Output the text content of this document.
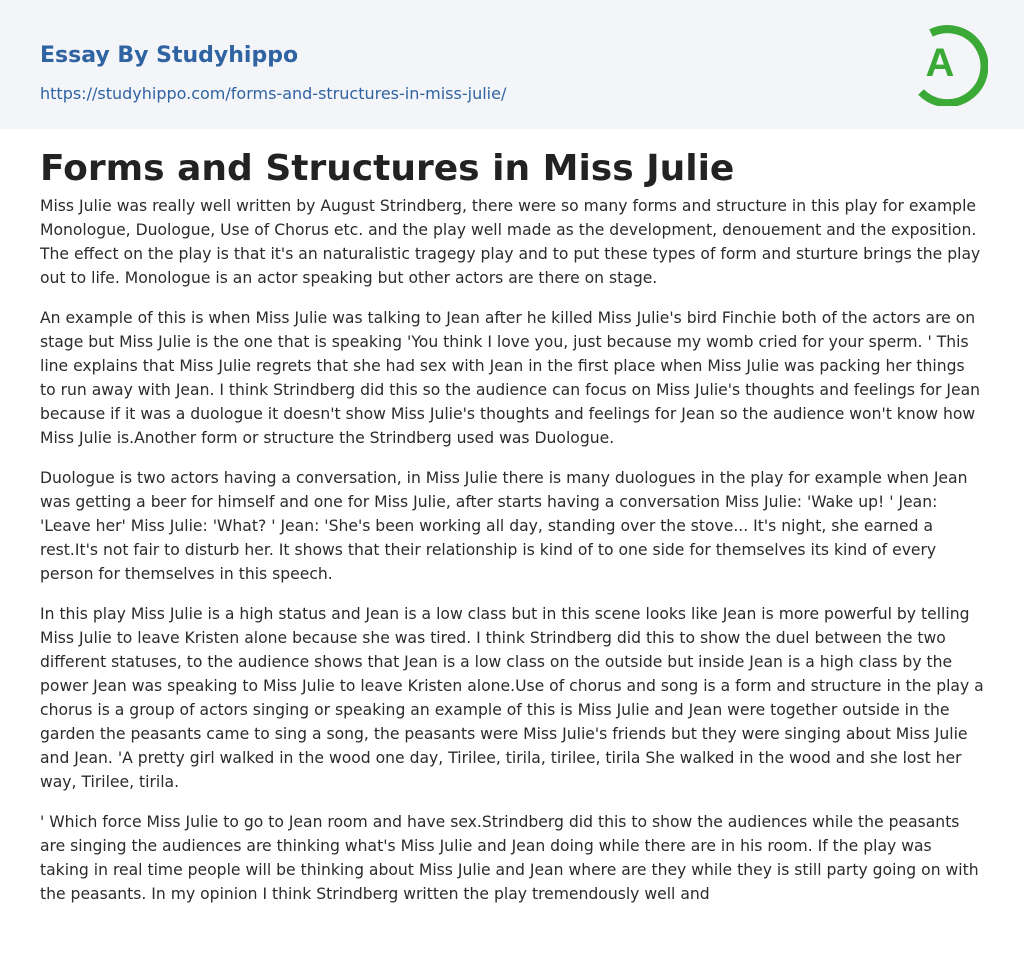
Essay By Studyhippo
https://studyhippo.com/forms-and-structures-in-miss-julie/
A
Forms and Structures in Miss Julie

Miss Julie was really well written by August Strindberg, there were so many forms and structure in this play for example Monologue, Duologue, Use of Chorus etc. and the play well made as the development, denouement and the exposition. The effect on the play is that it's an naturalistic tragegy play and to put these types of form and sturture brings the play out to life. Monologue is an actor speaking but other actors are there on stage.

An example of this is when Miss Julie was talking to Jean after he killed Miss Julie's bird Finchie both of the actors are on stage but Miss Julie is the one that is speaking 'You think I love you, just because my womb cried for your sperm. ' This line explains that Miss Julie regrets that she had sex with Jean in the first place when Miss Julie was packing her things to run away with Jean. I think Strindberg did this so the audience can focus on Miss Julie's thoughts and feelings for Jean because if it was a duologue it doesn't show Miss Julie's thoughts and feelings for Jean so the audience won't know how Miss Julie is.Another form or structure the Strindberg used was Duologue.

Duologue is two actors having a conversation, in Miss Julie there is many duologues in the play for example when Jean was getting a beer for himself and one for Miss Julie, after starts having a conversation Miss Julie: 'Wake up! ' Jean: 'Leave her' Miss Julie: 'What? ' Jean: 'She's been working all day, standing over the stove... It's night, she earned a rest.It's not fair to disturb her. It shows that their relationship is kind of to one side for themselves its kind of every person for themselves in this speech.

In this play Miss Julie is a high status and Jean is a low class but in this scene looks like Jean is more powerful by telling Miss Julie to leave Kristen alone because she was tired. I think Strindberg did this to show the duel between the two different statuses, to the audience shows that Jean is a low class on the outside but inside Jean is a high class by the power Jean was speaking to Miss Julie to leave Kristen alone.Use of chorus and song is a form and structure in the play a chorus is a group of actors singing or speaking an example of this is Miss Julie and Jean were together outside in the garden the peasants came to sing a song, the peasants were Miss Julie's friends but they were singing about Miss Julie and Jean. 'A pretty girl walked in the wood one day, Tirilee, tirila, tirilee, tirila She walked in the wood and she lost her way, Tirilee, tirila.

' Which force Miss Julie to go to Jean room and have sex.Strindberg did this to show the audiences while the peasants are singing the audiences are thinking what's Miss Julie and Jean doing while there are in his room. If the play was taking in real time people will be thinking about Miss Julie and Jean where are they while they is still party going on with the peasants. In my opinion I think Strindberg written the play tremendously well and
